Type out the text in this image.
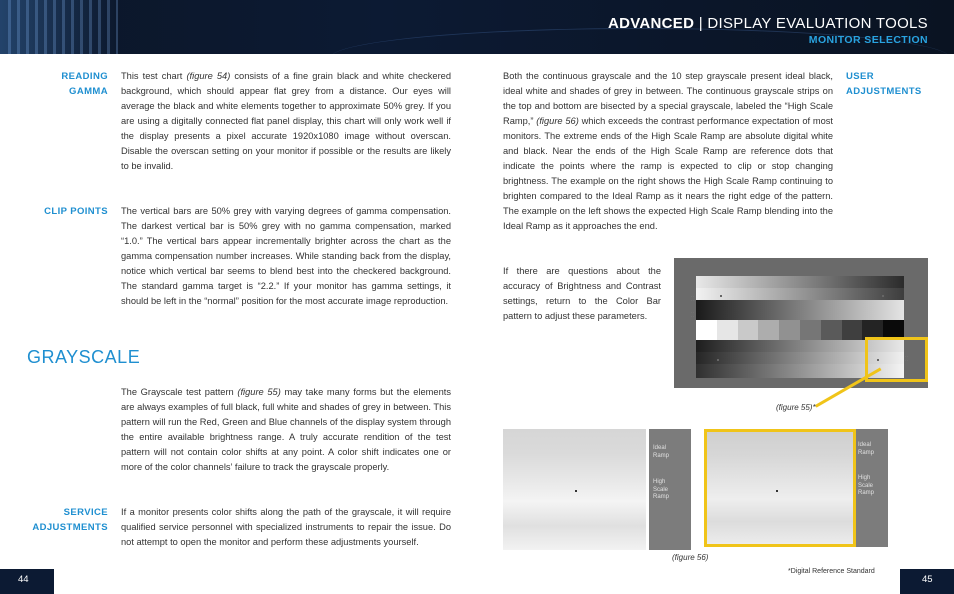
ADVANCED | DISPLAY EVALUATION TOOLS
MONITOR SELECTION
READING
GAMMA
This test chart (figure 54) consists of a fine grain black and white checkered background, which should appear flat grey from a distance. Our eyes will average the black and white elements together to approximate 50% grey. If you are using a digitally connected flat panel display, this chart will only work well if the display presents a pixel accurate 1920x1080 image without overscan. Disable the overscan setting on your monitor if possible or the results are likely to be invalid.
CLIP POINTS The vertical bars are 50% grey with varying degrees of gamma compensation. The darkest vertical bar is 50% grey with no gamma compensation, marked “1.0.” The vertical bars appear incrementally brighter across the chart as the gamma compensation number increases. While standing back from the display, notice which vertical bar seems to blend best into the checkered background. The standard gamma target is “2.2.” If your monitor has gamma settings, it should be left in the “normal” position for the most accurate image reproduction.
GRAYSCALE
The Grayscale test pattern (figure 55) may take many forms but the elements are always examples of full black, full white and shades of grey in between. This pattern will run the Red, Green and Blue channels of the display system through the entire available brightness range. A truly accurate rendition of the test pattern will not contain color shifts at any point. A color shift indicates one or more of the color channels’ failure to track the grayscale properly.
SERVICE
ADJUSTMENTS
If a monitor presents color shifts along the path of the grayscale, it will require qualified service personnel with specialized instruments to repair the issue. Do not attempt to open the monitor and perform these adjustments yourself.
Both the continuous grayscale and the 10 step grayscale present ideal black, ideal white and shades of grey in between. The continuous grayscale strips on the top and bottom are bisected by a special grayscale, labeled the “High Scale Ramp,” (figure 56) which exceeds the contrast performance expectation of most monitors. The extreme ends of the High Scale Ramp are absolute digital white and black. Near the ends of the High Scale Ramp are reference dots that indicate the points where the ramp is expected to clip or stop changing brightness. The example on the right shows the High Scale Ramp continuing to brighten compared to the Ideal Ramp as it nears the right edge of the pattern. The example on the left shows the expected High Scale Ramp blending into the Ideal Ramp as it approaches the end.
If there are questions about the accuracy of Brightness and Contrast settings, return to the Color Bar pattern to adjust these parameters.
USER
ADJUSTMENTS
· ·
· ·
· ·
· ·
· ·
· ·
(figure 55)*
Ideal
Ramp
High
Scale
Ramp
Ideal
Ramp
High
Scale
Ramp
(figure 56)
44
*Digital Reference Standard
45
